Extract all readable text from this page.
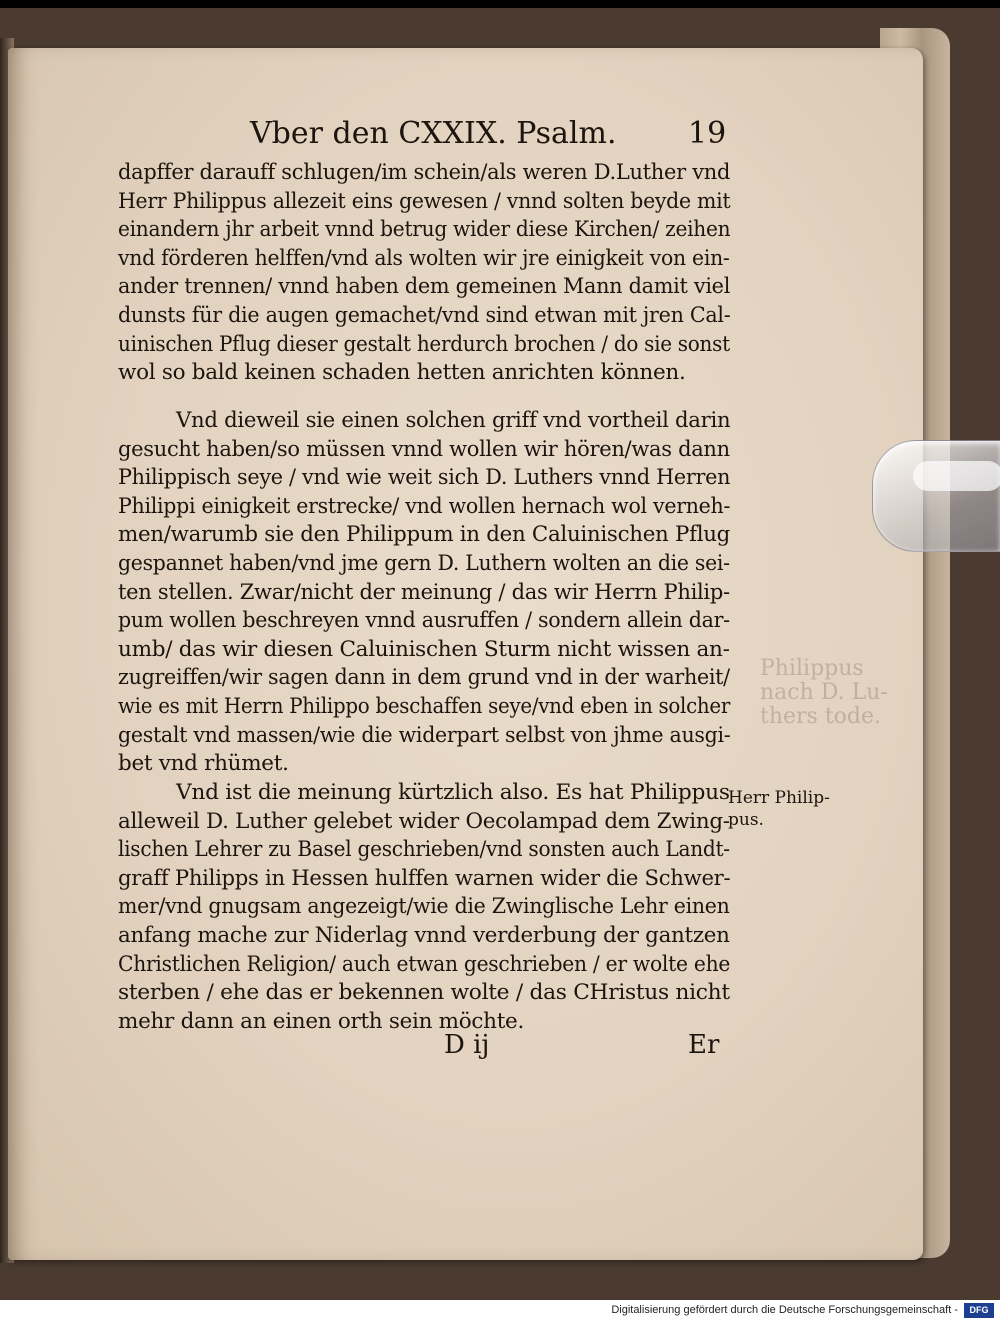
Philippus
nach D. Lu-
thers tode.
Vber den CXXIX. Psalm. 19
dapffer darauff schlugen/im schein/als weren D.Luther vnd
Herr Philippus allezeit eins gewesen / vnnd solten beyde mit
einandern jhr arbeit vnnd betrug wider diese Kirchen/ zeihen
vnd förderen helffen/vnd als wolten wir jre einigkeit von ein-
ander trennen/ vnnd haben dem gemeinen Mann damit viel
dunsts für die augen gemachet/vnd sind etwan mit jren Cal-
uinischen Pflug dieser gestalt herdurch brochen / do sie sonst
wol so bald keinen schaden hetten anrichten können.
Vnd dieweil sie einen solchen griff vnd vortheil darin
gesucht haben/so müssen vnnd wollen wir hören/was dann
Philippisch seye / vnd wie weit sich D. Luthers vnnd Herren
Philippi einigkeit erstrecke/ vnd wollen hernach wol verneh-
men/warumb sie den Philippum in den Caluinischen Pflug
gespannet haben/vnd jme gern D. Luthern wolten an die sei-
ten stellen. Zwar/nicht der meinung / das wir Herrn Philip-
pum wollen beschreyen vnnd ausruffen / sondern allein dar-
umb/ das wir diesen Caluinischen Sturm nicht wissen an-
zugreiffen/wir sagen dann in dem grund vnd in der warheit/
wie es mit Herrn Philippo beschaffen seye/vnd eben in solcher
gestalt vnd massen/wie die widerpart selbst von jhme ausgi-
bet vnd rhümet.
Vnd ist die meinung kürtzlich also. Es hat Philippus
alleweil D. Luther gelebet wider Oecolampad dem Zwing-
lischen Lehrer zu Basel geschrieben/vnd sonsten auch Landt-
graff Philipps in Hessen hulffen warnen wider die Schwer-
mer/vnd gnugsam angezeigt/wie die Zwinglische Lehr einen
anfang mache zur Niderlag vnnd verderbung der gantzen
Christlichen Religion/ auch etwan geschrieben / er wolte ehe
sterben / ehe das er bekennen wolte / das CHristus nicht
mehr dann an einen orth sein möchte.
Herr Philip-
pus.
D ij	Er
Digitalisierung gefördert durch die Deutsche Forschungsgemeinschaft -	DFG
